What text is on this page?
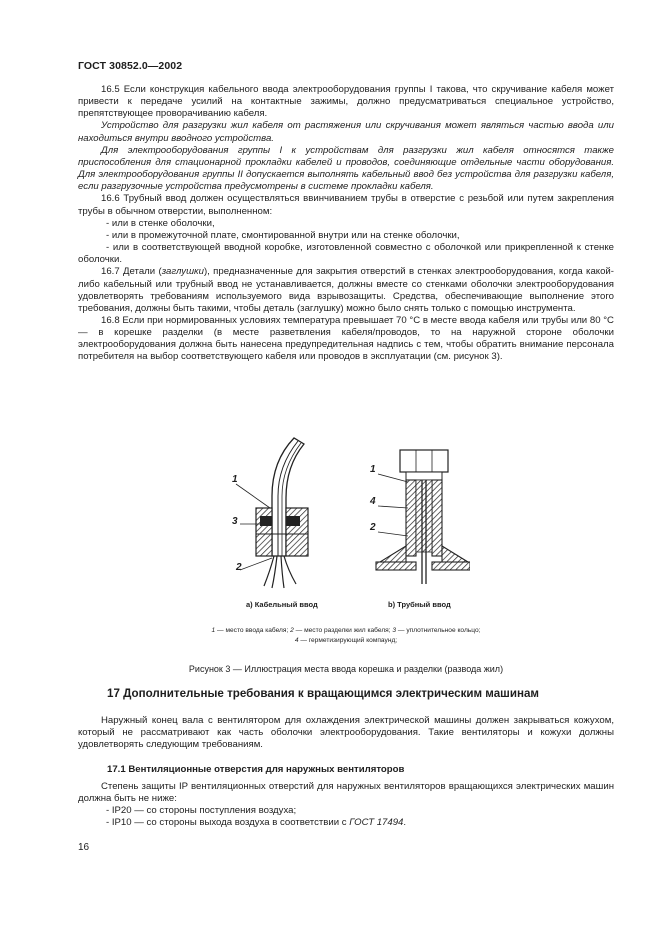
ГОСТ 30852.0—2002

16.5 Если конструкция кабельного ввода электрооборудования группы I такова, что скручивание кабеля может привести к передаче усилий на контактные зажимы, должно предусматриваться специальное устройство, препятствующее проворачиванию кабеля.

Устройство для разгрузки жил кабеля от растяжения или скручивания может являться частью ввода или находиться внутри вводного устройства.

Для электрооборудования группы I к устройствам для разгрузки жил кабеля относятся также приспособления для стационарной прокладки кабелей и проводов, соединяющие отдельные части оборудования. Для электрооборудования группы II допускается выполнять кабельный ввод без устройства для разгрузки кабеля, если разгрузочные устройства предусмотрены в системе прокладки кабеля.

16.6 Трубный ввод должен осуществляться ввинчиванием трубы в отверстие с резьбой или путем закрепления трубы в обычном отверстии, выполненном:

- или в стенке оболочки,

- или в промежуточной плате, смонтированной внутри или на стенке оболочки,

- или в соответствующей вводной коробке, изготовленной совместно с оболочкой или прикрепленной к стенке оболочки.

16.7 Детали (заглушки), предназначенные для закрытия отверстий в стенках электрооборудования, когда какой-либо кабельный или трубный ввод не устанавливается, должны вместе со стенками оболочки электрооборудования удовлетворять требованиям используемого вида взрывозащиты. Средства, обеспечивающие выполнение этого требования, должны быть такими, чтобы деталь (заглушку) можно было снять только с помощью инструмента.

16.8 Если при нормированных условиях температура превышает 70 °С в месте ввода кабеля или трубы или 80 °С — в корешке разделки (в месте разветвления кабеля/проводов, то на наружной стороне оболочки электрооборудования должна быть нанесена предупредительная надпись с тем, чтобы обратить внимание персонала потребителя на выбор соответствующего кабеля или проводов в эксплуатации (см. рисунок 3).

1
3
2
1
4
2
а) Кабельный ввод	b) Трубный ввод
1 — место ввода кабеля; 2 — место разделки жил кабеля; 3 — уплотнительное кольцо;
4 — герметизирующий компаунд;
Рисунок 3 — Иллюстрация места ввода корешка и разделки (развода жил)
17 Дополнительные требования к вращающимся электрическим машинам

Наружный конец вала с вентилятором для охлаждения электрической машины должен закрываться кожухом, который не рассматривают как часть оболочки электрооборудования. Такие вентиляторы и кожухи должны удовлетворять следующим требованиям.

17.1 Вентиляционные отверстия для наружных вентиляторов

Степень защиты IP вентиляционных отверстий для наружных вентиляторов вращающихся электрических машин должна быть не ниже:

- IP20 — со стороны поступления воздуха;

- IP10 — со стороны выхода воздуха в соответствии с ГОСТ 17494.

16
